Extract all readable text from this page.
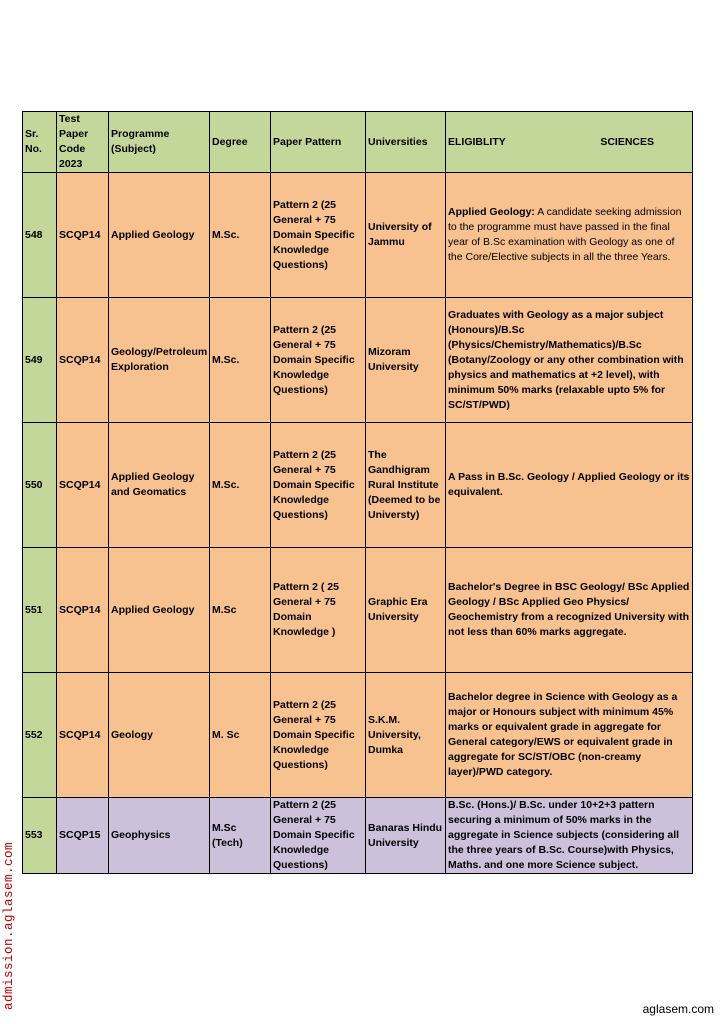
Sr. No.	Test Paper Code 2023	Programme (Subject)	Degree	Paper Pattern	Universities	ELIGIBLITY SCIENCES

548	SCQP14	Applied Geology	M.Sc.	Pattern 2 (25 General + 75 Domain Specific Knowledge Questions)	University of Jammu	Applied Geology: A candidate seeking admission to the programme must have passed in the final year of B.Sc examination with Geology as one of the Core/Elective subjects in all the three Years.
549	SCQP14	Geology/Petroleum Exploration	M.Sc.	Pattern 2 (25 General + 75 Domain Specific Knowledge Questions)	Mizoram University	Graduates with Geology as a major subject (Honours)/B.Sc (Physics/Chemistry/Mathematics)/B.Sc (Botany/Zoology or any other combination with physics and mathematics at +2 level), with minimum 50% marks (relaxable upto 5% for SC/ST/PWD)
550	SCQP14	Applied Geology and Geomatics	M.Sc.	Pattern 2 (25 General + 75 Domain Specific Knowledge Questions)	The Gandhigram Rural Institute (Deemed to be Universty)	A Pass in B.Sc. Geology / Applied Geology or its equivalent.
551	SCQP14	Applied Geology	M.Sc	Pattern 2 ( 25 General + 75 Domain Knowledge )	Graphic Era University	Bachelor's Degree in BSC Geology/ BSc Applied Geology / BSc Applied Geo Physics/ Geochemistry from a recognized University with not less than 60% marks aggregate.
552	SCQP14	Geology	M. Sc	Pattern 2 (25 General + 75 Domain Specific Knowledge Questions)	S.K.M. University, Dumka	Bachelor degree in Science with Geology as a major or Honours subject with minimum 45% marks or equivalent grade in aggregate for General category/EWS or equivalent grade in aggregate for SC/ST/OBC (non-creamy layer)/PWD category.
553	SCQP15	Geophysics	M.Sc (Tech)	Pattern 2 (25 General + 75 Domain Specific Knowledge Questions)	Banaras Hindu University	B.Sc. (Hons.)/ B.Sc. under 10+2+3 pattern securing a minimum of 50% marks in the aggregate in Science subjects (considering all the three years of B.Sc. Course)with Physics, Maths. and one more Science subject.
admission.aglasem.com	aglasem.com
